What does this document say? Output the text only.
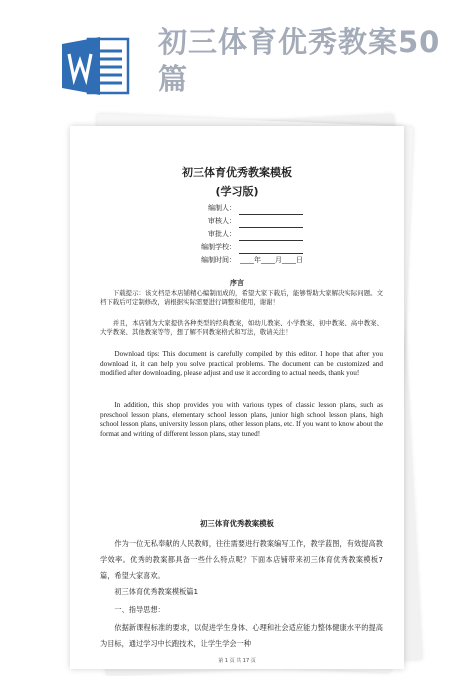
初三体育优秀教案50篇
初三体育优秀教案模板
(学习版)
编制人：
审核人：
审批人：
编制学校：
编制时间： ____年____月____日
序言
下载提示：该文档是本店铺精心编制而成的，希望大家下载后，能够帮助大家解决实际问题。文档下载后可定制修改，请根据实际需要进行调整和使用，谢谢！
并且，本店铺为大家提供各种类型的经典教案，如幼儿教案、小学教案、初中教案、高中教案、大学教案、其他教案等等，想了解不同教案格式和写法，敬请关注！
Download tips: This document is carefully compiled by this editor. I hope that after you download it, it can help you solve practical problems. The document can be customized and modified after downloading, please adjust and use it according to actual needs, thank you!
In addition, this shop provides you with various types of classic lesson plans, such as preschool lesson plans, elementary school lesson plans, junior high school lesson plans, high school lesson plans, university lesson plans, other lesson plans, etc. If you want to know about the format and writing of different lesson plans, stay tuned!
初三体育优秀教案模板
作为一位无私奉献的人民教师，往往需要进行教案编写工作，教学蓝图，有效提高教学效率。优秀的教案都具备一些什么特点呢？下面本店铺带来初三体育优秀教案模板7篇，希望大家喜欢。
初三体育优秀教案模板篇1
一、指导思想：
依据新课程标准的要求，以促进学生身体、心理和社会适应能力整体健康水平的提高为目标，通过学习中长跑技术，让学生学会一种
第 1 页 共 17 页
